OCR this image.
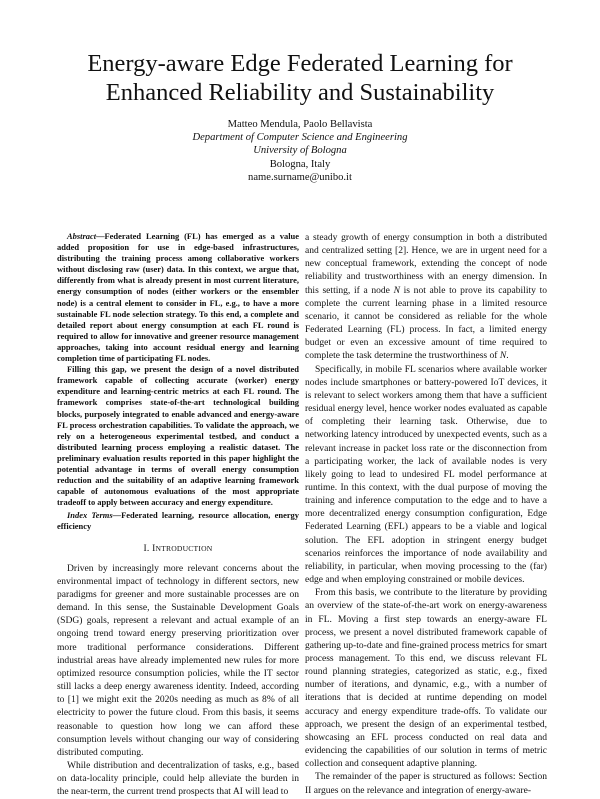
Energy-aware Edge Federated Learning for
Enhanced Reliability and Sustainability
Matteo Mendula, Paolo Bellavista
Department of Computer Science and Engineering
University of Bologna
Bologna, Italy
name.surname@unibo.it

Abstract—Federated Learning (FL) has emerged as a value added proposition for use in edge-based infrastructures, distributing the training process among collaborative workers without disclosing raw (user) data. In this context, we argue that, differently from what is already present in most current literature, energy consumption of nodes (either workers or the ensembler node) is a central element to consider in FL, e.g., to have a more sustainable FL node selection strategy. To this end, a complete and detailed report about energy consumption at each FL round is required to allow for innovative and greener resource management approaches, taking into account residual energy and learning completion time of participating FL nodes.

Filling this gap, we present the design of a novel distributed framework capable of collecting accurate (worker) energy expenditure and learning-centric metrics at each FL round. The framework comprises state-of-the-art technological building blocks, purposely integrated to enable advanced and energy-aware FL process orchestration capabilities. To validate the approach, we rely on a heterogeneous experimental testbed, and conduct a distributed learning process employing a realistic dataset. The preliminary evaluation results reported in this paper highlight the potential advantage in terms of overall energy consumption reduction and the suitability of an adaptive learning framework capable of autonomous evaluations of the most appropriate tradeoff to apply between accuracy and energy expenditure.

Index Terms—Federated learning, resource allocation, energy efficiency

I. INTRODUCTION

Driven by increasingly more relevant concerns about the environmental impact of technology in different sectors, new paradigms for greener and more sustainable processes are on demand. In this sense, the Sustainable Development Goals (SDG) goals, represent a relevant and actual example of an ongoing trend toward energy preserving prioritization over more traditional performance considerations. Different industrial areas have already implemented new rules for more optimized resource consumption policies, while the IT sector still lacks a deep energy awareness identity. Indeed, according to [1] we might exit the 2020s needing as much as 8% of all electricity to power the future cloud. From this basis, it seems reasonable to question how long we can afford these consumption levels without changing our way of considering distributed computing.

While distribution and decentralization of tasks, e.g., based on data-locality principle, could help alleviate the burden in the near-term, the current trend prospects that AI will lead to

a steady growth of energy consumption in both a distributed and centralized setting [2]. Hence, we are in urgent need for a new conceptual framework, extending the concept of node reliability and trustworthiness with an energy dimension. In this setting, if a node N is not able to prove its capability to complete the current learning phase in a limited resource scenario, it cannot be considered as reliable for the whole Federated Learning (FL) process. In fact, a limited energy budget or even an excessive amount of time required to complete the task determine the trustworthiness of N.

Specifically, in mobile FL scenarios where available worker nodes include smartphones or battery-powered IoT devices, it is relevant to select workers among them that have a sufficient residual energy level, hence worker nodes evaluated as capable of completing their learning task. Otherwise, due to networking latency introduced by unexpected events, such as a relevant increase in packet loss rate or the disconnection from a participating worker, the lack of available nodes is very likely going to lead to undesired FL model performance at runtime. In this context, with the dual purpose of moving the training and inference computation to the edge and to have a more decentralized energy consumption configuration, Edge Federated Learning (EFL) appears to be a viable and logical solution. The EFL adoption in stringent energy budget scenarios reinforces the importance of node availability and reliability, in particular, when moving processing to the (far) edge and when employing constrained or mobile devices.

From this basis, we contribute to the literature by providing an overview of the state-of-the-art work on energy-awareness in FL. Moving a first step towards an energy-aware FL process, we present a novel distributed framework capable of gathering up-to-date and fine-grained process metrics for smart process management. To this end, we discuss relevant FL round planning strategies, categorized as static, e.g., fixed number of iterations, and dynamic, e.g., with a number of iterations that is decided at runtime depending on model accuracy and energy expenditure trade-offs. To validate our approach, we present the design of an experimental testbed, showcasing an EFL process conducted on real data and evidencing the capabilities of our solution in terms of metric collection and consequent adaptive planning.

The remainder of the paper is structured as follows: Section II argues on the relevance and integration of energy-aware-
